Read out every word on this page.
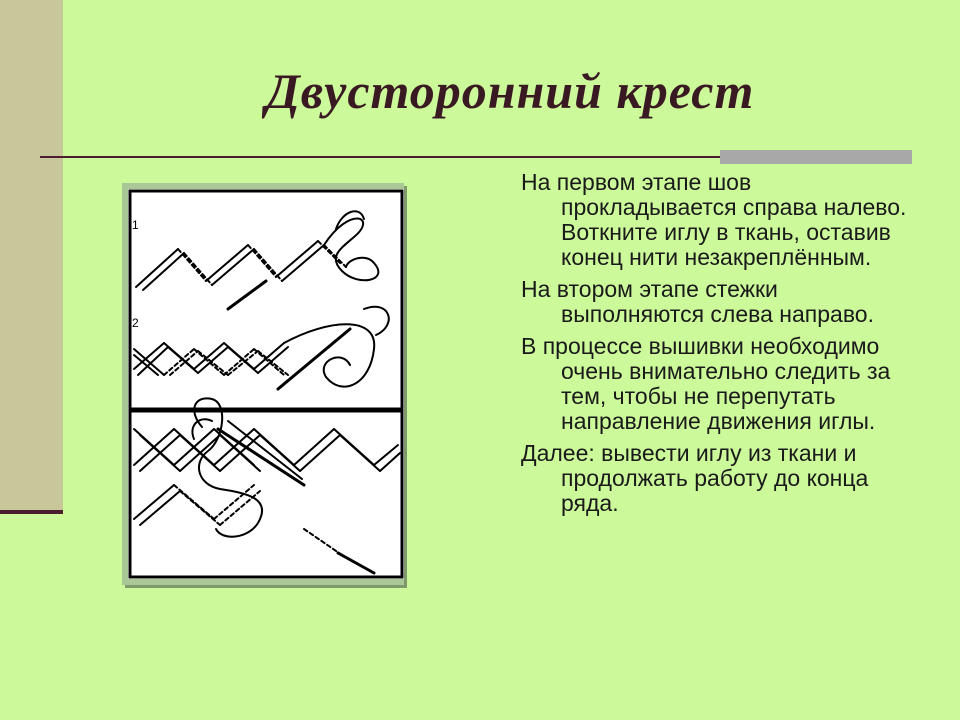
Двусторонний крест
1
2

На первом этапе шов прокладывается справа налево. Воткните иглу в ткань, оставив конец нити незакреплённым.

На втором этапе стежки выполняются слева направо.

В процессе вышивки необходимо очень внимательно следить за тем, чтобы не перепутать направление движения иглы.

Далее: вывести иглу из ткани и продолжать работу до конца ряда.
